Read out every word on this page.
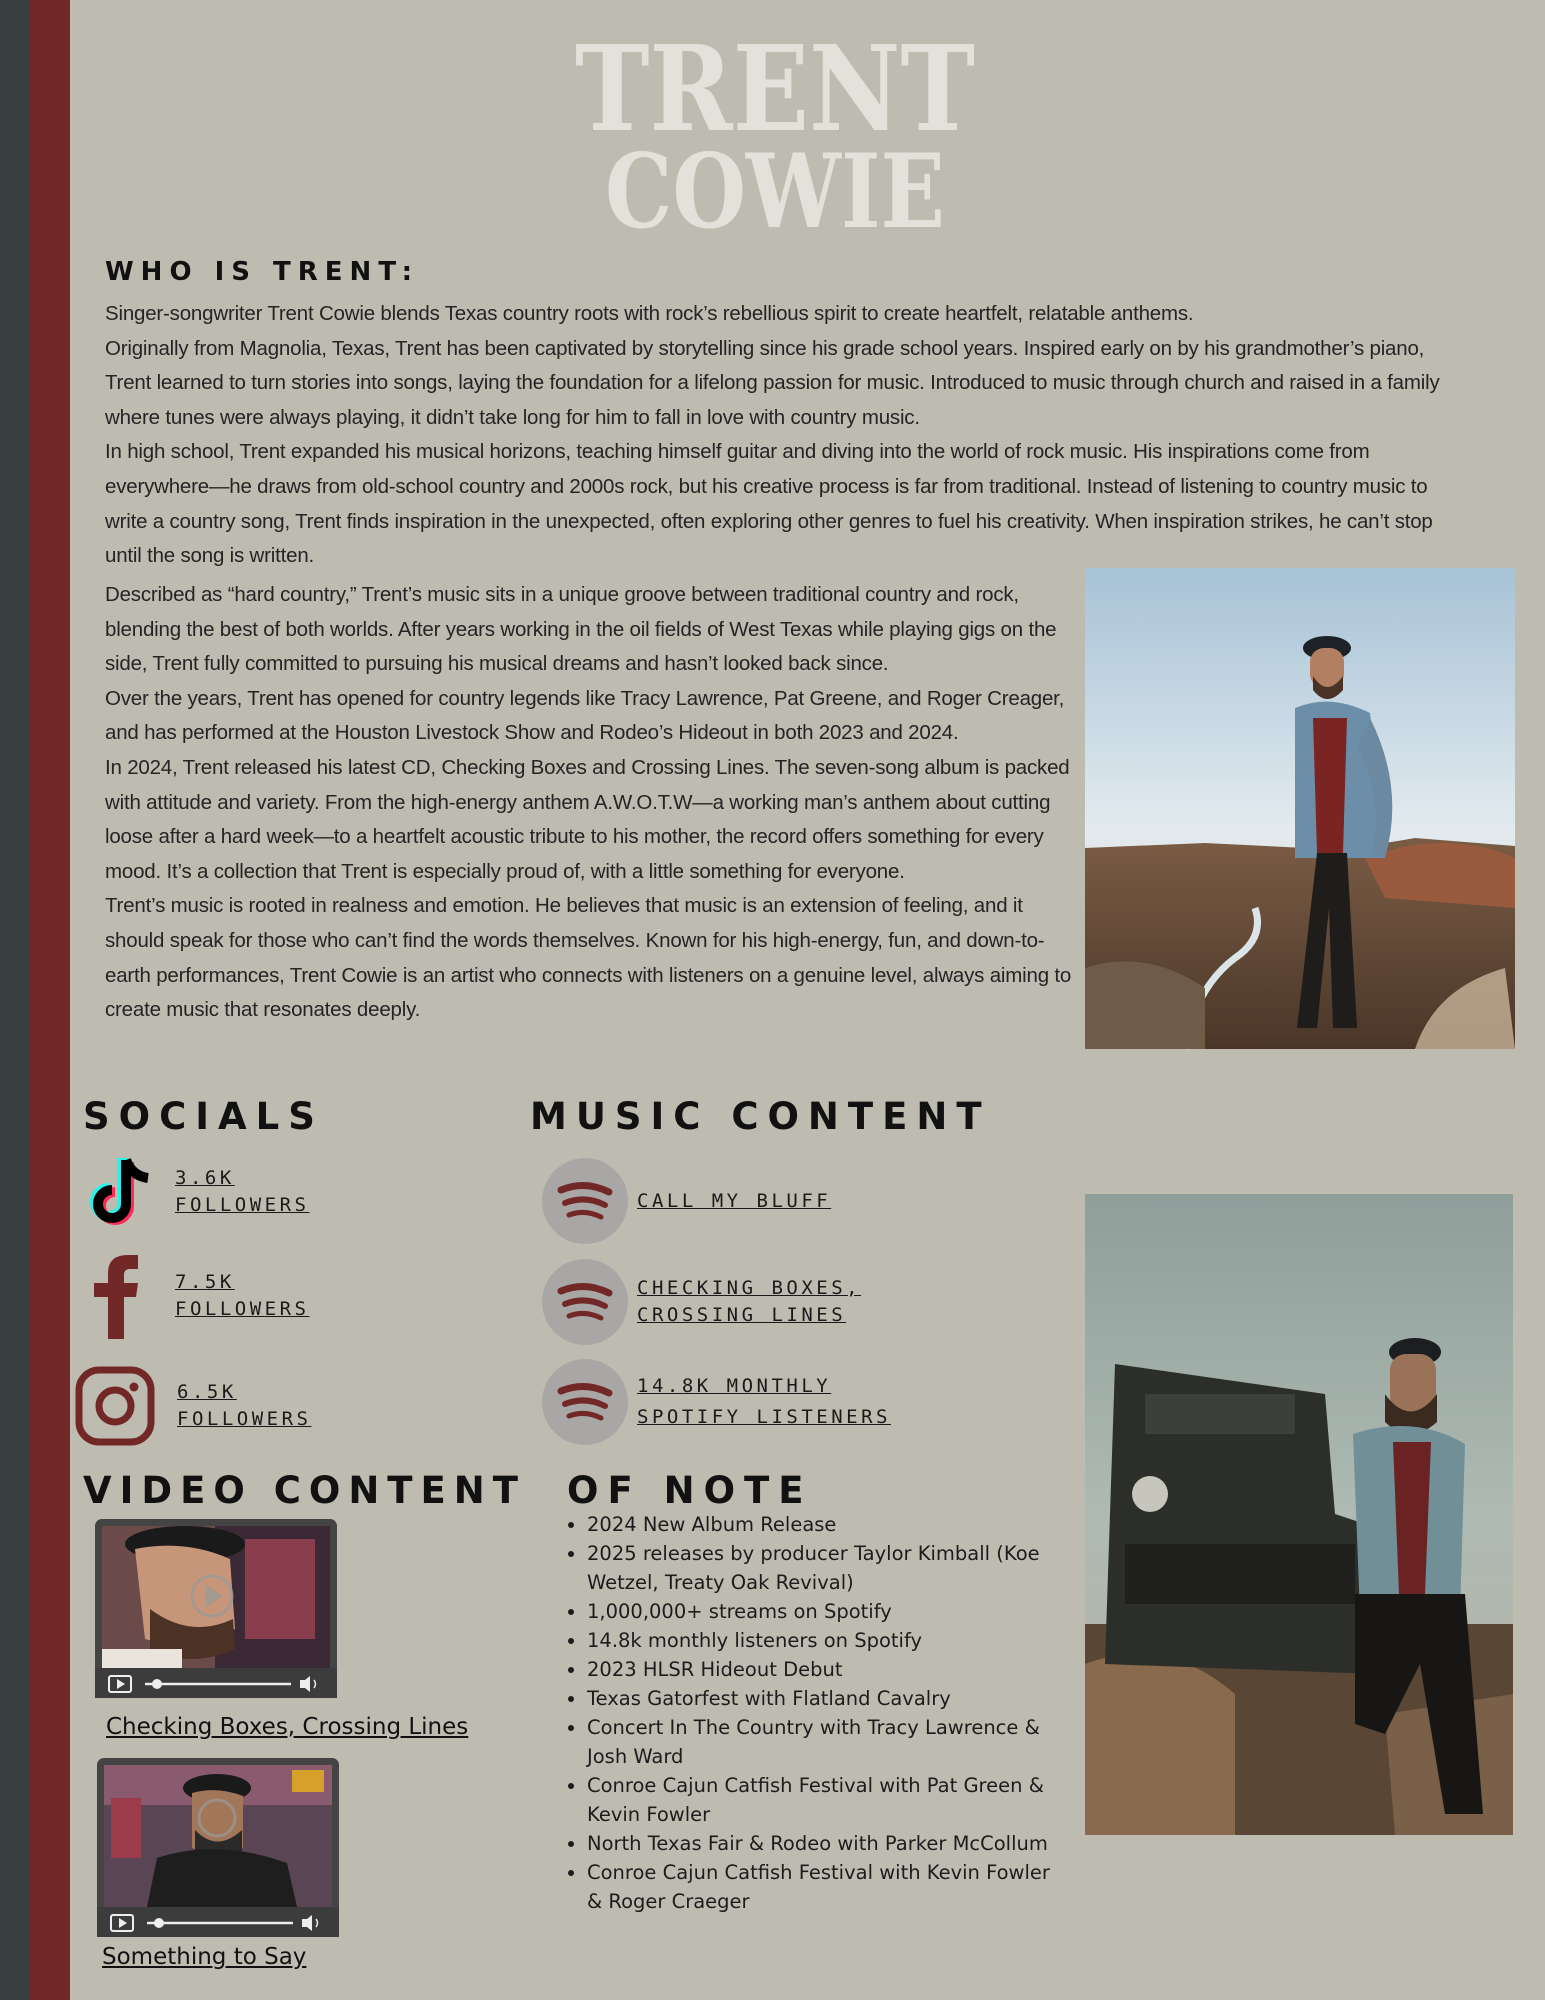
TRENT
COWIE
WHO IS TRENT:

Singer-songwriter Trent Cowie blends Texas country roots with rock’s rebellious spirit to create heartfelt, relatable anthems.

Originally from Magnolia, Texas, Trent has been captivated by storytelling since his grade school years. Inspired early on by his grandmother’s piano, Trent learned to turn stories into songs, laying the foundation for a lifelong passion for music. Introduced to music through church and raised in a family where tunes were always playing, it didn’t take long for him to fall in love with country music.

In high school, Trent expanded his musical horizons, teaching himself guitar and diving into the world of rock music. His inspirations come from everywhere—he draws from old-school country and 2000s rock, but his creative process is far from traditional. Instead of listening to country music to write a country song, Trent finds inspiration in the unexpected, often exploring other genres to fuel his creativity. When inspiration strikes, he can’t stop until the song is written.

Described as “hard country,” Trent’s music sits in a unique groove between traditional country and rock, blending the best of both worlds. After years working in the oil fields of West Texas while playing gigs on the side, Trent fully committed to pursuing his musical dreams and hasn’t looked back since.

Over the years, Trent has opened for country legends like Tracy Lawrence, Pat Greene, and Roger Creager, and has performed at the Houston Livestock Show and Rodeo’s Hideout in both 2023 and 2024.

In 2024, Trent released his latest CD, Checking Boxes and Crossing Lines. The seven-song album is packed with attitude and variety. From the high-energy anthem A.W.O.T.W—a working man’s anthem about cutting loose after a hard week—to a heartfelt acoustic tribute to his mother, the record offers something for every mood. It’s a collection that Trent is especially proud of, with a little something for everyone.

Trent’s music is rooted in realness and emotion. He believes that music is an extension of feeling, and it should speak for those who can’t find the words themselves. Known for his high-energy, fun, and down-to-earth performances, Trent Cowie is an artist who connects with listeners on a genuine level, always aiming to create music that resonates deeply.

SOCIALS
3.6K
FOLLOWERS
7.5K
FOLLOWERS
6.5K
FOLLOWERS
MUSIC CONTENT
CALL MY BLUFF
CHECKING BOXES,
CROSSING LINES
14.8K MONTHLY
SPOTIFY LISTENERS
VIDEO CONTENT
Checking Boxes, Crossing Lines
Something to Say
OF NOTE
• 2024 New Album Release
• 2025 releases by producer Taylor Kimball (Koe Wetzel, Treaty Oak Revival)
• 1,000,000+ streams on Spotify
• 14.8k monthly listeners on Spotify
• 2023 HLSR Hideout Debut
• Texas Gatorfest with Flatland Cavalry
• Concert In The Country with Tracy Lawrence & Josh Ward
• Conroe Cajun Catfish Festival with Pat Green & Kevin Fowler
• North Texas Fair & Rodeo with Parker McCollum
• Conroe Cajun Catfish Festival with Kevin Fowler & Roger Craeger
